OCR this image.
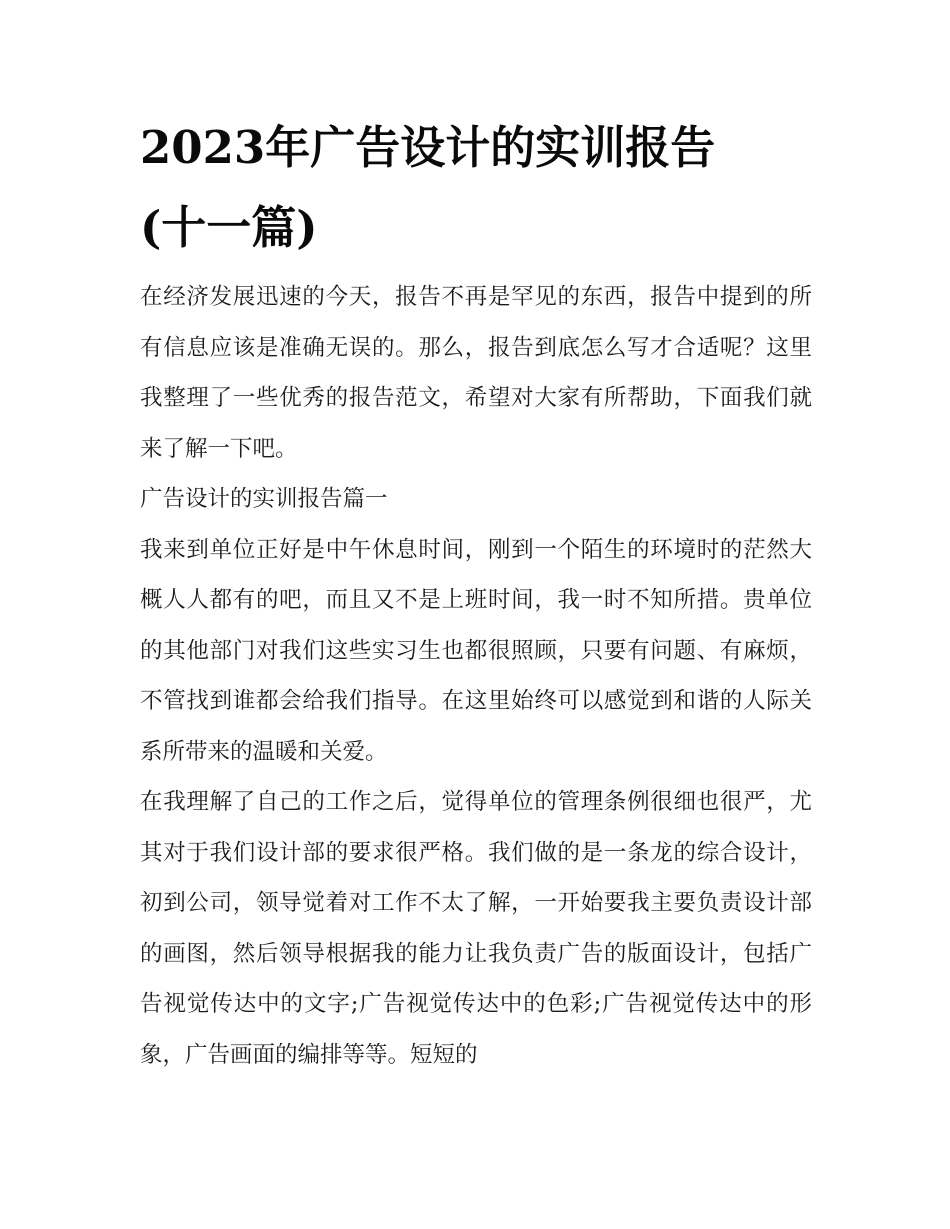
2023年广告设计的实训报告
(十一篇)

在经济发展迅速的今天，报告不再是罕见的东西，报告中提到的所有信息应该是准确无误的。那么，报告到底怎么写才合适呢？这里我整理了一些优秀的报告范文，希望对大家有所帮助，下面我们就来了解一下吧。

广告设计的实训报告篇一

我来到单位正好是中午休息时间，刚到一个陌生的环境时的茫然大概人人都有的吧，而且又不是上班时间，我一时不知所措。贵单位的其他部门对我们这些实习生也都很照顾，只要有问题、有麻烦，不管找到谁都会给我们指导。在这里始终可以感觉到和谐的人际关系所带来的温暖和关爱。

在我理解了自己的工作之后，觉得单位的管理条例很细也很严，尤其对于我们设计部的要求很严格。我们做的是一条龙的综合设计，初到公司，领导觉着对工作不太了解，一开始要我主要负责设计部的画图，然后领导根据我的能力让我负责广告的版面设计，包括广告视觉传达中的文字;广告视觉传达中的色彩;广告视觉传达中的形象，广告画面的编排等等。短短的
